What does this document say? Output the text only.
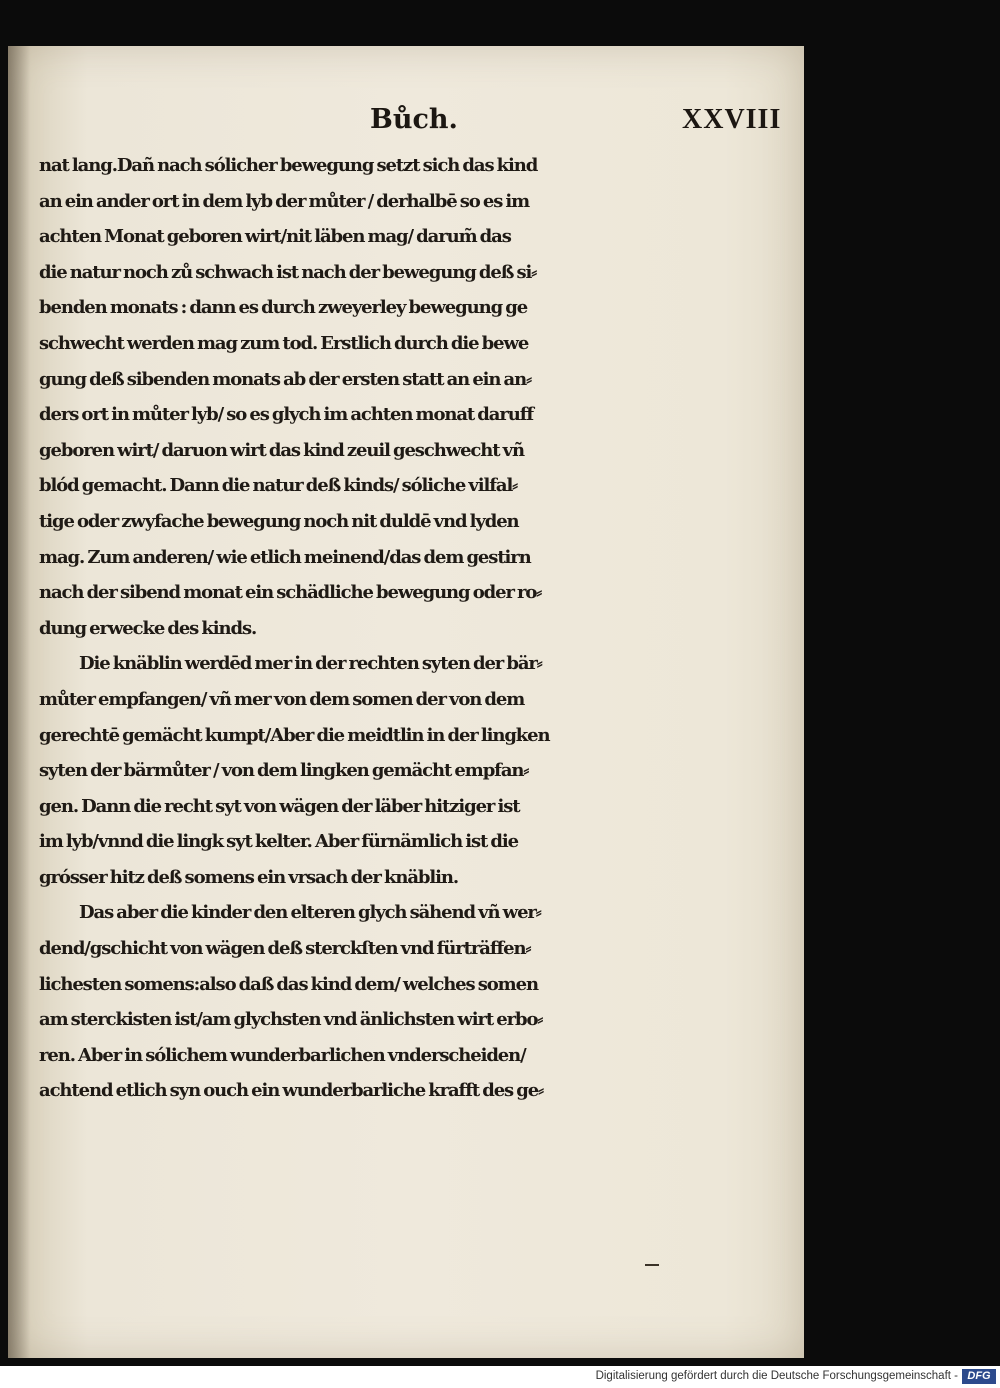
Bůch.	XXVIII
nat lang.Dañ nach sólicher bewegung setzt sich das kind
an ein ander ort in dem lyb der můter / derhalbē so es im
achten Monat geboren wirt/nit läben mag/ darum̃ das
die natur noch zů schwach ist nach der bewegung deß si⸗
benden monats : dann es durch zweyerley bewegung ge
schwecht werden mag zum tod. Erstlich durch die bewe
gung deß sibenden monats ab der ersten statt an ein an⸗
ders ort in můter lyb/ so es glych im achten monat daruff
geboren wirt/ daruon wirt das kind zeuil geschwecht vñ
blód gemacht. Dann die natur deß kinds/ sóliche vilfal⸗
tige oder zwyfache bewegung noch nit duldē vnd lyden
mag. Zum anderen/ wie etlich meinend/das dem gestirn
nach der sibend monat ein schädliche bewegung oder ro⸗
dung erwecke des kinds.
Die knäblin werdēd mer in der rechten syten der bär⸗
můter empfangen/ vñ mer von dem somen der von dem
gerechtē gemächt kumpt/Aber die meidtlin in der lingken
syten der bärmůter / von dem lingken gemächt empfan⸗
gen. Dann die recht syt von wägen der läber hitziger ist
im lyb/vnnd die lingk syt kelter. Aber fürnämlich ist die
grósser hitz deß somens ein vrsach der knäblin.
Das aber die kinder den elteren glych sähend vñ wer⸗
dend/gschicht von wägen deß sterckſten vnd fürträffen⸗
lichesten somens:also daß das kind dem/ welches somen
am sterckisten ist/am glychsten vnd änlichsten wirt erbo⸗
ren. Aber in sólichem wunderbarlichen vnderscheiden/
achtend etlich syn ouch ein wunderbarliche krafft des ge⸗
Digitalisierung gefördert durch die Deutsche Forschungsgemeinschaft - DFG
